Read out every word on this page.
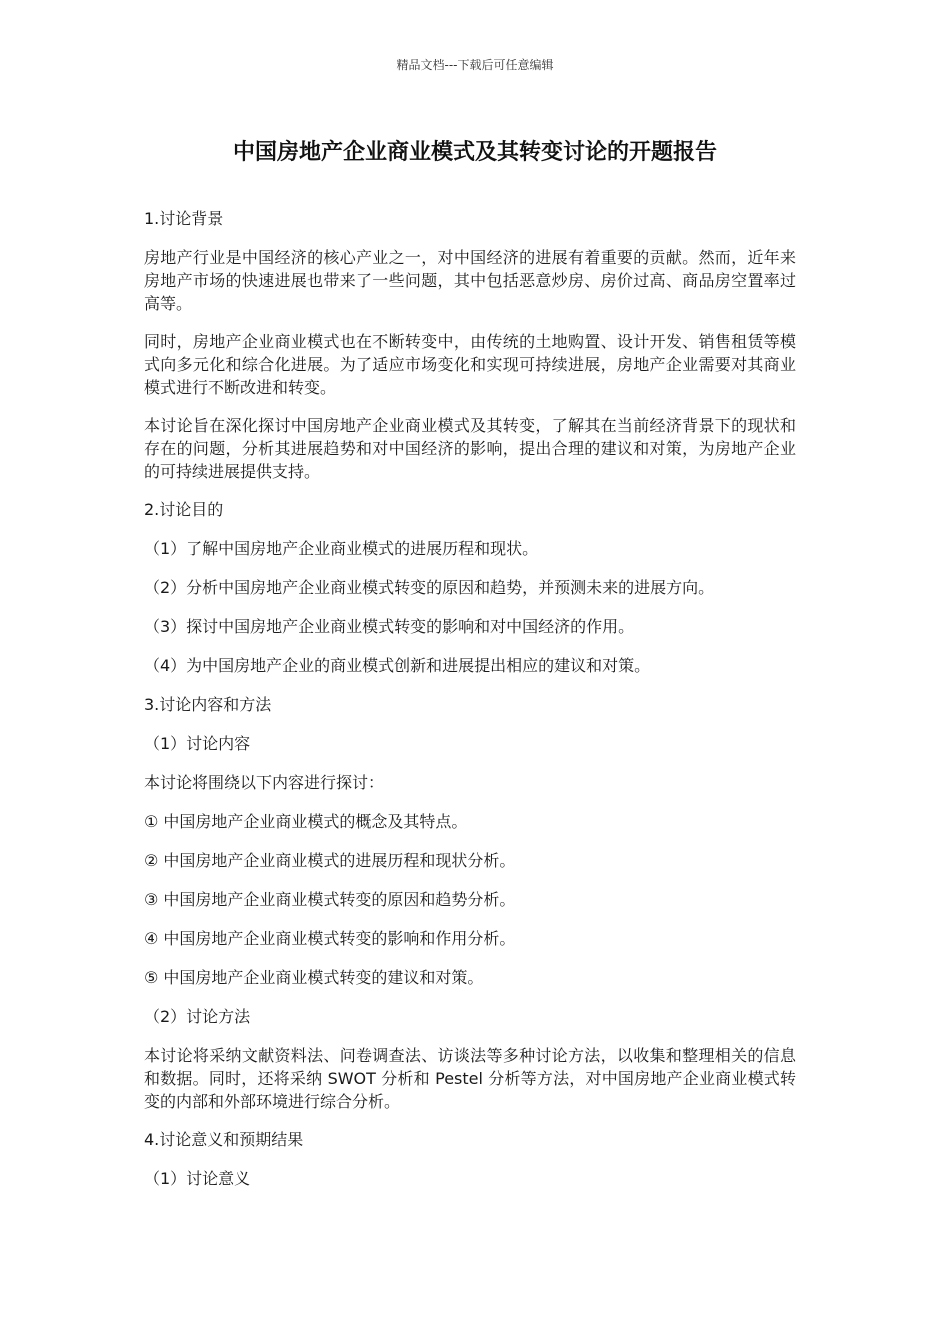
精品文档---下载后可任意编辑
中国房地产企业商业模式及其转变讨论的开题报告

1.讨论背景

房地产行业是中国经济的核心产业之一，对中国经济的进展有着重要的贡献。然而，近年来房地产市场的快速进展也带来了一些问题，其中包括恶意炒房、房价过高、商品房空置率过高等。

同时，房地产企业商业模式也在不断转变中，由传统的土地购置、设计开发、销售租赁等模式向多元化和综合化进展。为了适应市场变化和实现可持续进展，房地产企业需要对其商业模式进行不断改进和转变。

本讨论旨在深化探讨中国房地产企业商业模式及其转变，了解其在当前经济背景下的现状和存在的问题，分析其进展趋势和对中国经济的影响，提出合理的建议和对策，为房地产企业的可持续进展提供支持。

2.讨论目的

（1）了解中国房地产企业商业模式的进展历程和现状。

（2）分析中国房地产企业商业模式转变的原因和趋势，并预测未来的进展方向。

（3）探讨中国房地产企业商业模式转变的影响和对中国经济的作用。

（4）为中国房地产企业的商业模式创新和进展提出相应的建议和对策。

3.讨论内容和方法

（1）讨论内容

本讨论将围绕以下内容进行探讨：

① 中国房地产企业商业模式的概念及其特点。

② 中国房地产企业商业模式的进展历程和现状分析。

③ 中国房地产企业商业模式转变的原因和趋势分析。

④ 中国房地产企业商业模式转变的影响和作用分析。

⑤ 中国房地产企业商业模式转变的建议和对策。

（2）讨论方法

本讨论将采纳文献资料法、问卷调查法、访谈法等多种讨论方法，以收集和整理相关的信息和数据。同时，还将采纳 SWOT 分析和 Pestel 分析等方法，对中国房地产企业商业模式转变的内部和外部环境进行综合分析。

4.讨论意义和预期结果

（1）讨论意义
